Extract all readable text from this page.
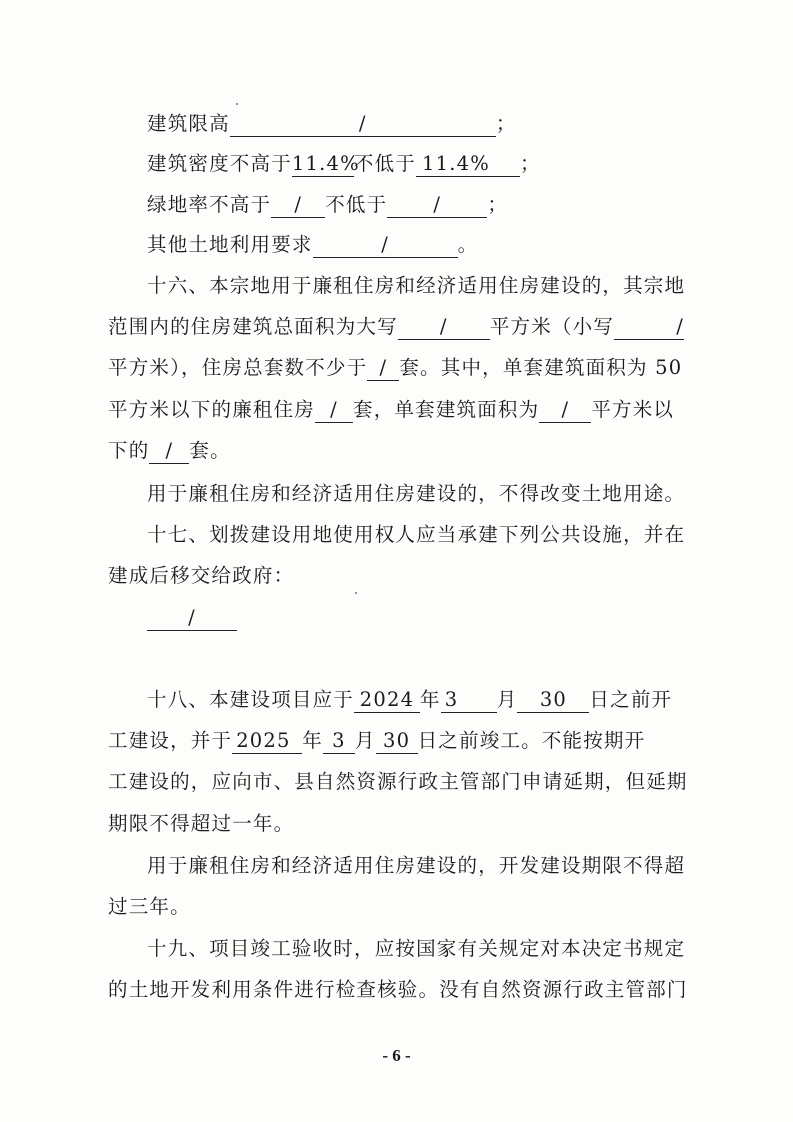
建筑限高	/	；
建筑密度不高于11.4%不低于 11.4% ；
绿地率不高于 / 不低于 / ；
其他土地利用要求	/	。
十六、本宗地用于廉租住房和经济适用住房建设的，其宗地
范围内的住房建筑总面积为大写 / 平方米（小写	/
平方米），住房总套数不少于 / 套。其中，单套建筑面积为 50
平方米以下的廉租住房 / 套，单套建筑面积为 / 平方米以
下的 / 套。
用于廉租住房和经济适用住房建设的，不得改变土地用途。
十七、划拨建设用地使用权人应当承建下列公共设施，并在
建成后移交给政府：
/
十八、本建设项目应于 2024 年 3 月 30 日之前开
工建设，并于 2025 年 3 月 30 日之前竣工。不能按期开
工建设的，应向市、县自然资源行政主管部门申请延期，但延期
期限不得超过一年。
用于廉租住房和经济适用住房建设的，开发建设期限不得超
过三年。
十九、项目竣工验收时，应按国家有关规定对本决定书规定
的土地开发利用条件进行检查核验。没有自然资源行政主管部门
- 6 -
